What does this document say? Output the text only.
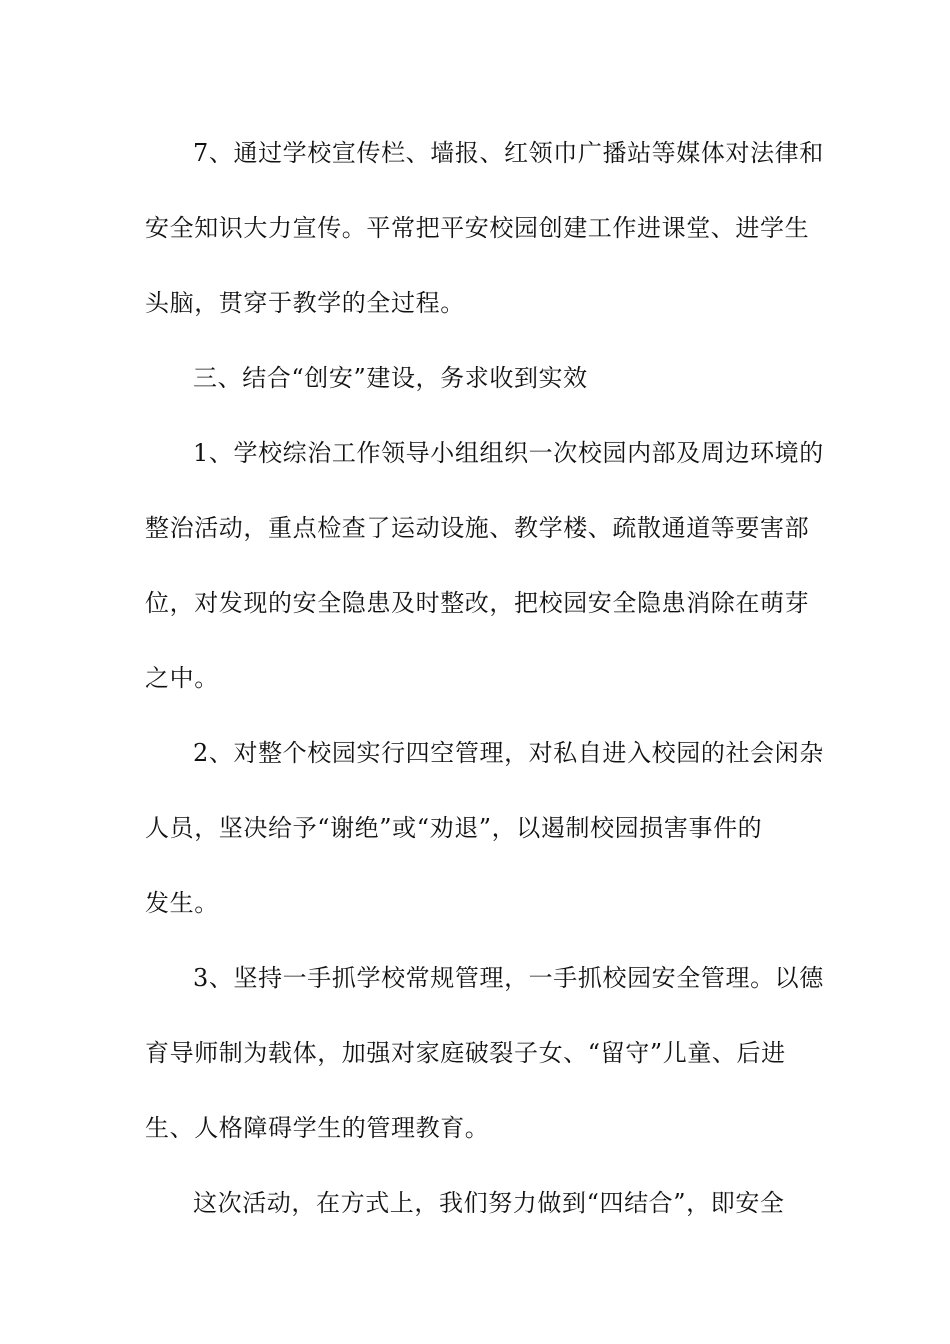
7、通过学校宣传栏、墙报、红领巾广播站等媒体对法律和
安全知识大力宣传。平常把平安校园创建工作进课堂、进学生
头脑，贯穿于教学的全过程。
三、结合“创安”建设，务求收到实效
1、学校综治工作领导小组组织一次校园内部及周边环境的
整治活动，重点检查了运动设施、教学楼、疏散通道等要害部
位，对发现的安全隐患及时整改，把校园安全隐患消除在萌芽
之中。
2、对整个校园实行四空管理，对私自进入校园的社会闲杂
人员，坚决给予“谢绝”或“劝退”，以遏制校园损害事件的
发生。
3、坚持一手抓学校常规管理，一手抓校园安全管理。以德
育导师制为载体，加强对家庭破裂子女、“留守”儿童、后进
生、人格障碍学生的管理教育。
这次活动，在方式上，我们努力做到“四结合”，即安全
